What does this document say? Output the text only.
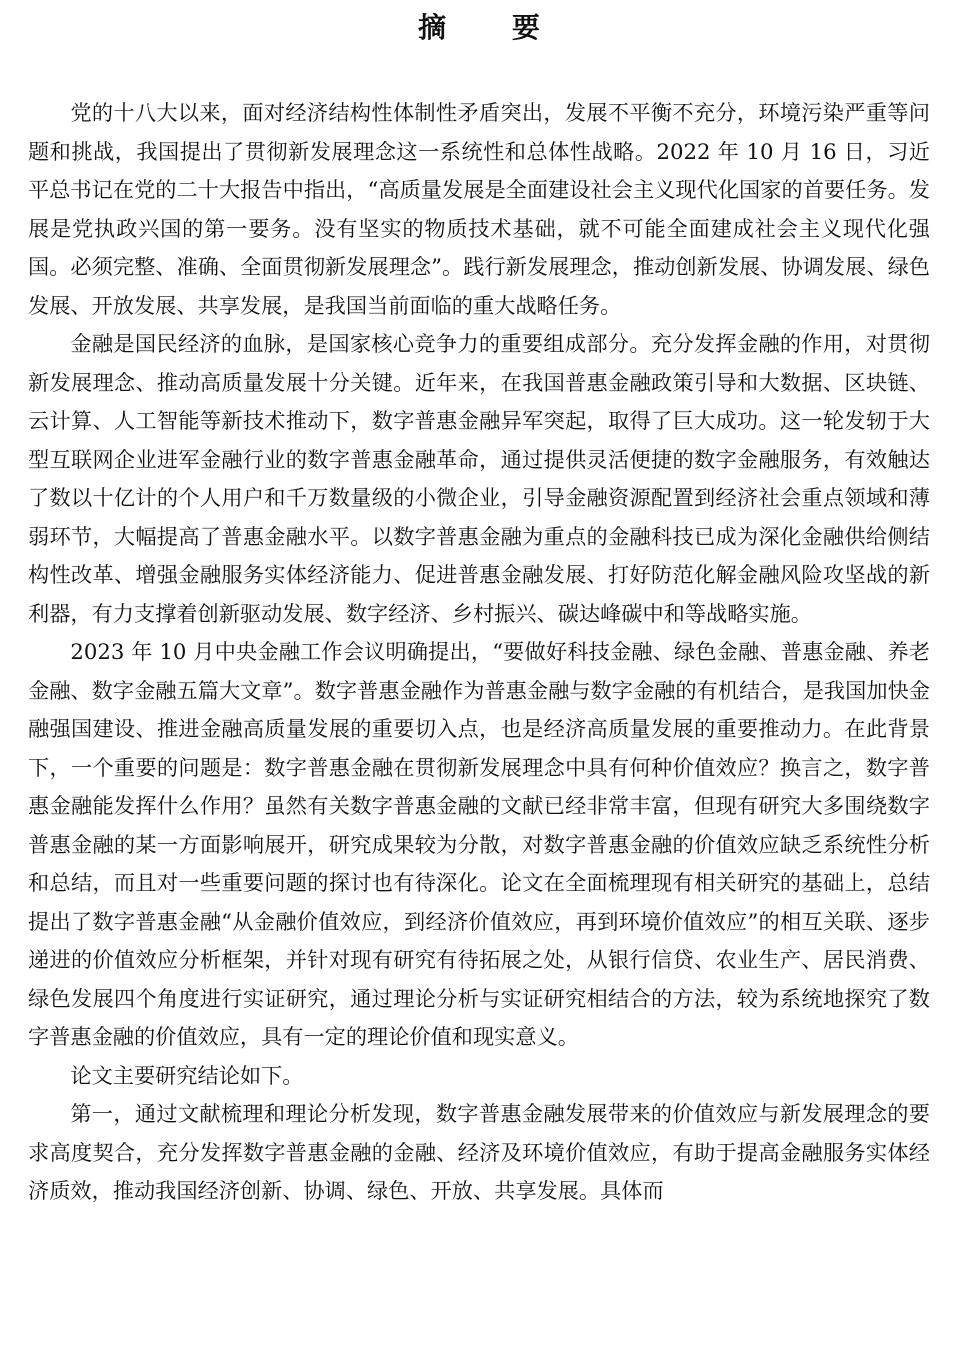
摘 要

党的十八大以来，面对经济结构性体制性矛盾突出，发展不平衡不充分，环境污染严重等问题和挑战，我国提出了贯彻新发展理念这一系统性和总体性战略。2022 年 10 月 16 日，习近平总书记在党的二十大报告中指出，“高质量发展是全面建设社会主义现代化国家的首要任务。发展是党执政兴国的第一要务。没有坚实的物质技术基础，就不可能全面建成社会主义现代化强国。必须完整、准确、全面贯彻新发展理念”。践行新发展理念，推动创新发展、协调发展、绿色发展、开放发展、共享发展，是我国当前面临的重大战略任务。

金融是国民经济的血脉，是国家核心竞争力的重要组成部分。充分发挥金融的作用，对贯彻新发展理念、推动高质量发展十分关键。近年来，在我国普惠金融政策引导和大数据、区块链、云计算、人工智能等新技术推动下，数字普惠金融异军突起，取得了巨大成功。这一轮发轫于大型互联网企业进军金融行业的数字普惠金融革命，通过提供灵活便捷的数字金融服务，有效触达了数以十亿计的个人用户和千万数量级的小微企业，引导金融资源配置到经济社会重点领域和薄弱环节，大幅提高了普惠金融水平。以数字普惠金融为重点的金融科技已成为深化金融供给侧结构性改革、增强金融服务实体经济能力、促进普惠金融发展、打好防范化解金融风险攻坚战的新利器，有力支撑着创新驱动发展、数字经济、乡村振兴、碳达峰碳中和等战略实施。

2023 年 10 月中央金融工作会议明确提出，“要做好科技金融、绿色金融、普惠金融、养老金融、数字金融五篇大文章”。数字普惠金融作为普惠金融与数字金融的有机结合，是我国加快金融强国建设、推进金融高质量发展的重要切入点，也是经济高质量发展的重要推动力。在此背景下，一个重要的问题是：数字普惠金融在贯彻新发展理念中具有何种价值效应？换言之，数字普惠金融能发挥什么作用？虽然有关数字普惠金融的文献已经非常丰富，但现有研究大多围绕数字普惠金融的某一方面影响展开，研究成果较为分散，对数字普惠金融的价值效应缺乏系统性分析和总结，而且对一些重要问题的探讨也有待深化。论文在全面梳理现有相关研究的基础上，总结提出了数字普惠金融“从金融价值效应，到经济价值效应，再到环境价值效应”的相互关联、逐步递进的价值效应分析框架，并针对现有研究有待拓展之处，从银行信贷、农业生产、居民消费、绿色发展四个角度进行实证研究，通过理论分析与实证研究相结合的方法，较为系统地探究了数字普惠金融的价值效应，具有一定的理论价值和现实意义。

论文主要研究结论如下。

第一，通过文献梳理和理论分析发现，数字普惠金融发展带来的价值效应与新发展理念的要求高度契合，充分发挥数字普惠金融的金融、经济及环境价值效应，有助于提高金融服务实体经济质效，推动我国经济创新、协调、绿色、开放、共享发展。具体而
